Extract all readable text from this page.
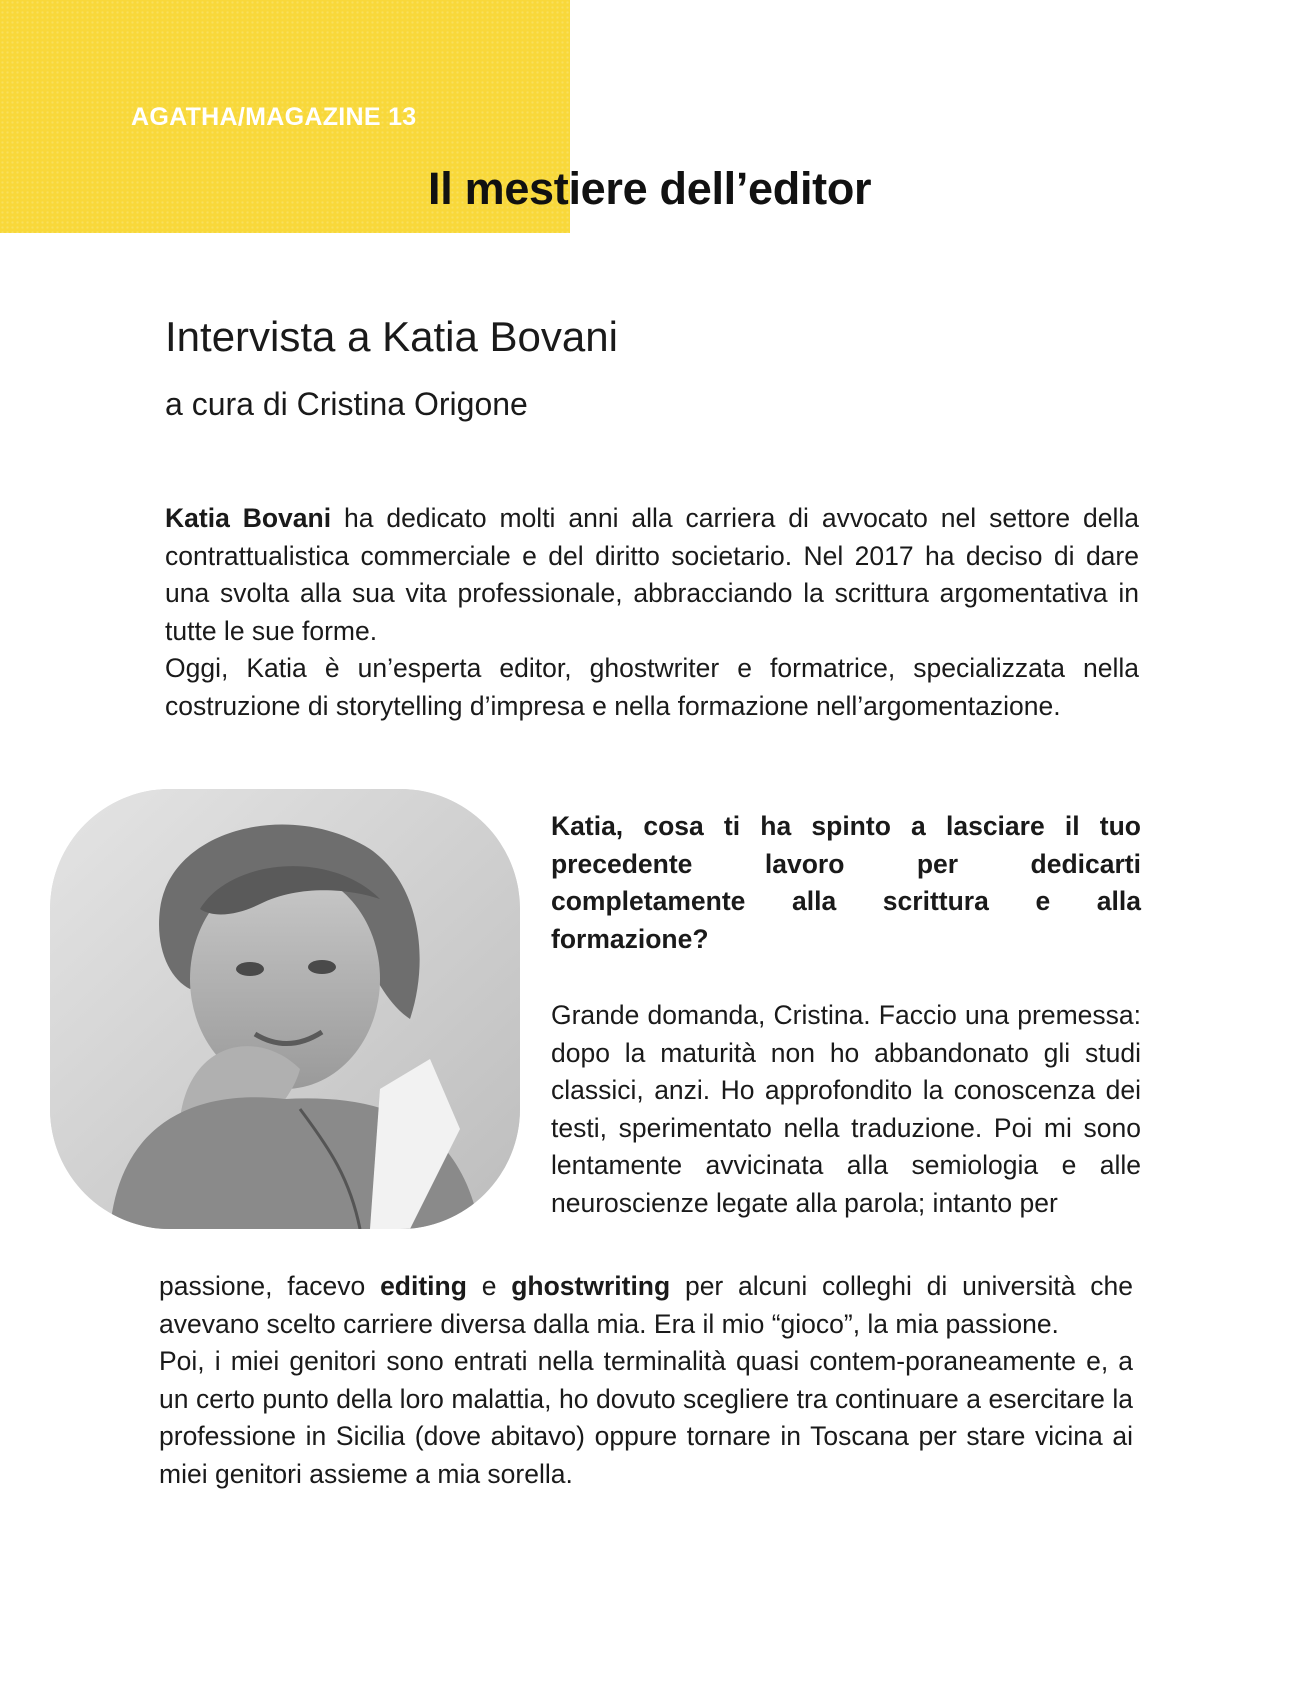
AGATHA/MAGAZINE 13
Il mestiere dell’editor
Intervista a Katia Bovani

a cura di Cristina Origone

Katia Bovani ha dedicato molti anni alla carriera di avvocato nel settore della contrattualistica commerciale e del diritto societario. Nel 2017 ha deciso di dare una svolta alla sua vita professionale, abbracciando la scrittura argomentativa in tutte le sue forme.

Oggi, Katia è un’esperta editor, ghostwriter e formatrice, specializzata nella costruzione di storytelling d’impresa e nella formazione nell’argomentazione.

Katia, cosa ti ha spinto a lasciare il tuo precedente lavoro per dedicarti completamente alla scrittura e alla formazione?

Grande domanda, Cristina. Faccio una premessa: dopo la maturità non ho abbandonato gli studi classici, anzi. Ho approfondito la conoscenza dei testi, sperimentato nella traduzione. Poi mi sono lentamente avvicinata alla semiologia e alle neuroscienze legate alla parola; intanto per

passione, facevo editing e ghostwriting per alcuni colleghi di università che avevano scelto carriere diversa dalla mia. Era il mio “gioco”, la mia passione.

Poi, i miei genitori sono entrati nella terminalità quasi contem-poraneamente e, a un certo punto della loro malattia, ho dovuto scegliere tra continuare a esercitare la professione in Sicilia (dove abitavo) oppure tornare in Toscana per stare vicina ai miei genitori assieme a mia sorella.
